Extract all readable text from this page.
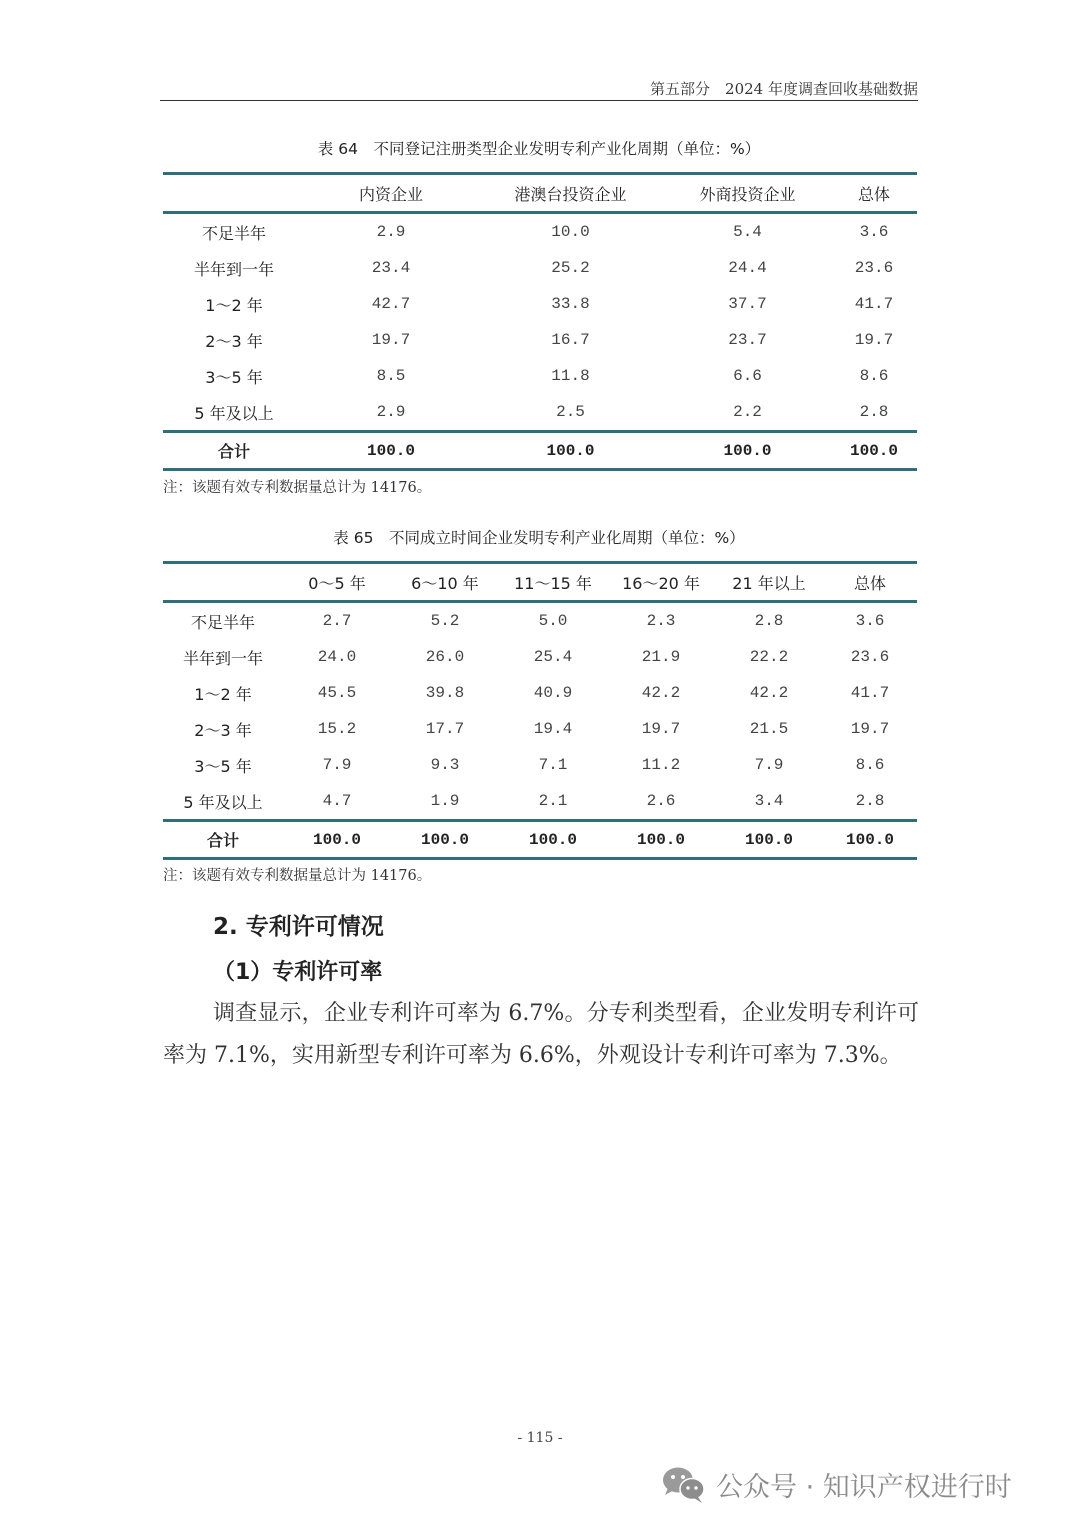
第五部分　2024 年度调查回收基础数据
表 64　不同登记注册类型企业发明专利产业化周期（单位：%）
	内资企业	港澳台投资企业	外商投资企业	总体
不足半年	2.9	10.0	5.4	3.6
半年到一年	23.4	25.2	24.4	23.6
1～2 年	42.7	33.8	37.7	41.7
2～3 年	19.7	16.7	23.7	19.7
3～5 年	8.5	11.8	6.6	8.6
5 年及以上	2.9	2.5	2.2	2.8
合计	100.0	100.0	100.0	100.0
注：该题有效专利数据量总计为 14176。
表 65　不同成立时间企业发明专利产业化周期（单位：%）
	0～5 年	6～10 年	11～15 年	16～20 年	21 年以上	总体
不足半年	2.7	5.2	5.0	2.3	2.8	3.6
半年到一年	24.0	26.0	25.4	21.9	22.2	23.6
1～2 年	45.5	39.8	40.9	42.2	42.2	41.7
2～3 年	15.2	17.7	19.4	19.7	21.5	19.7
3～5 年	7.9	9.3	7.1	11.2	7.9	8.6
5 年及以上	4.7	1.9	2.1	2.6	3.4	2.8
合计	100.0	100.0	100.0	100.0	100.0	100.0
注：该题有效专利数据量总计为 14176。
2. 专利许可情况
（1）专利许可率
调查显示，企业专利许可率为 6.7%。分专利类型看，企业发明专利许可率为 7.1%，实用新型专利许可率为 6.6%，外观设计专利许可率为 7.3%。
- 115 -
公众号 · 知识产权进行时
